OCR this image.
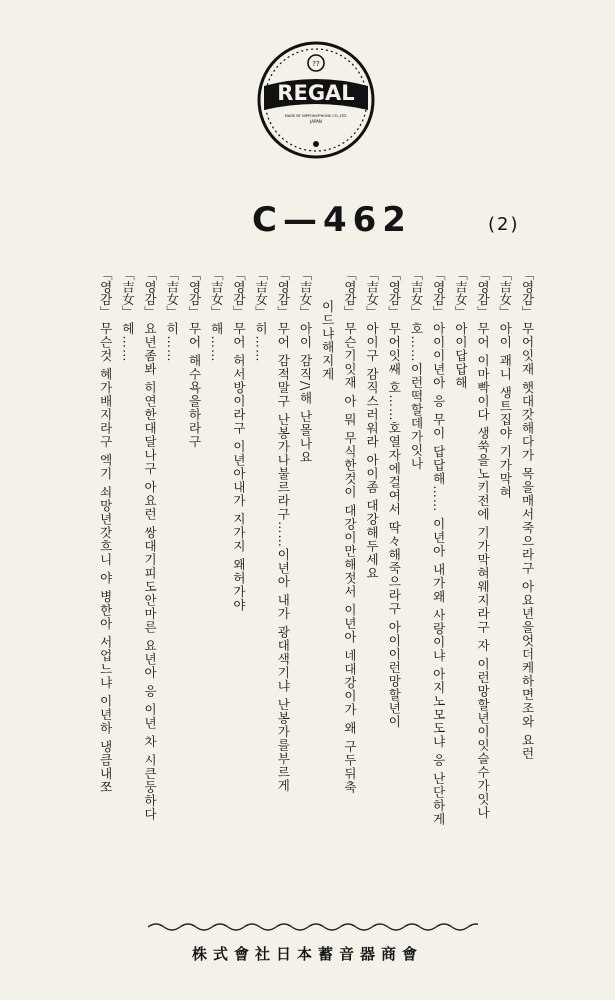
??
REGAL
MADE BY NIPPONOPHONE CO.,LTD.
JAPAN
C—462	(2)
「영감」
무어잇재 햇대갓해다가 목을매서죽으라구 아요년을엇더케하면조와 요런
「吉女」
아이 괘니 생트집야 기가막혀
「영감」
무어 이마빡이다 생쑥을노키전에 기가막혀웨지라구 자 이런망할년이잇슬수가잇나
「吉女」
아이답답해
「영감」
아이이년아 응 무이 답답해…… 이년아 내가왜 사랑이냐 아지노모도냐 응 난단하게
「吉女」
호……이런떡할데가잇나
「영감」
무어잇쌔 호……호열자에걸여서 딱々해죽으라구 아이이런망할년이
「吉女」
아이구 감직스러워라 아이좀 대강해두세요
「영감」
무슨기잇재 아 뭐 무식한것이 대강이만해젓서 이년아 네대강이가 왜 구두뒤축
이드냐해지게
「吉女」
아이 감직/\해 난몰나요
「영감」
무어 감적말구 난봉가나불르라구……이년아 내가 광대색기냐 난봉가를부르게
「吉女」
히……
「영감」
무어 허서방이라구 이년아내가 지가지 왜허가야
「吉女」
해……
「영감」
무어 해수욕을하라구
「吉女」
히……
「영감」
요년좀봐 히연한대달나구 아요런 쌍대기피도안마른 요년아 응 이년 차 시큰둥하다
「吉女」
헤……
「영감」
무슨것 혜가배지라구 엑기 쇠망년갓흐니 야 병한아 서업느냐 이년하 냉큼내쪼
株式會社日本蓄音器商會
